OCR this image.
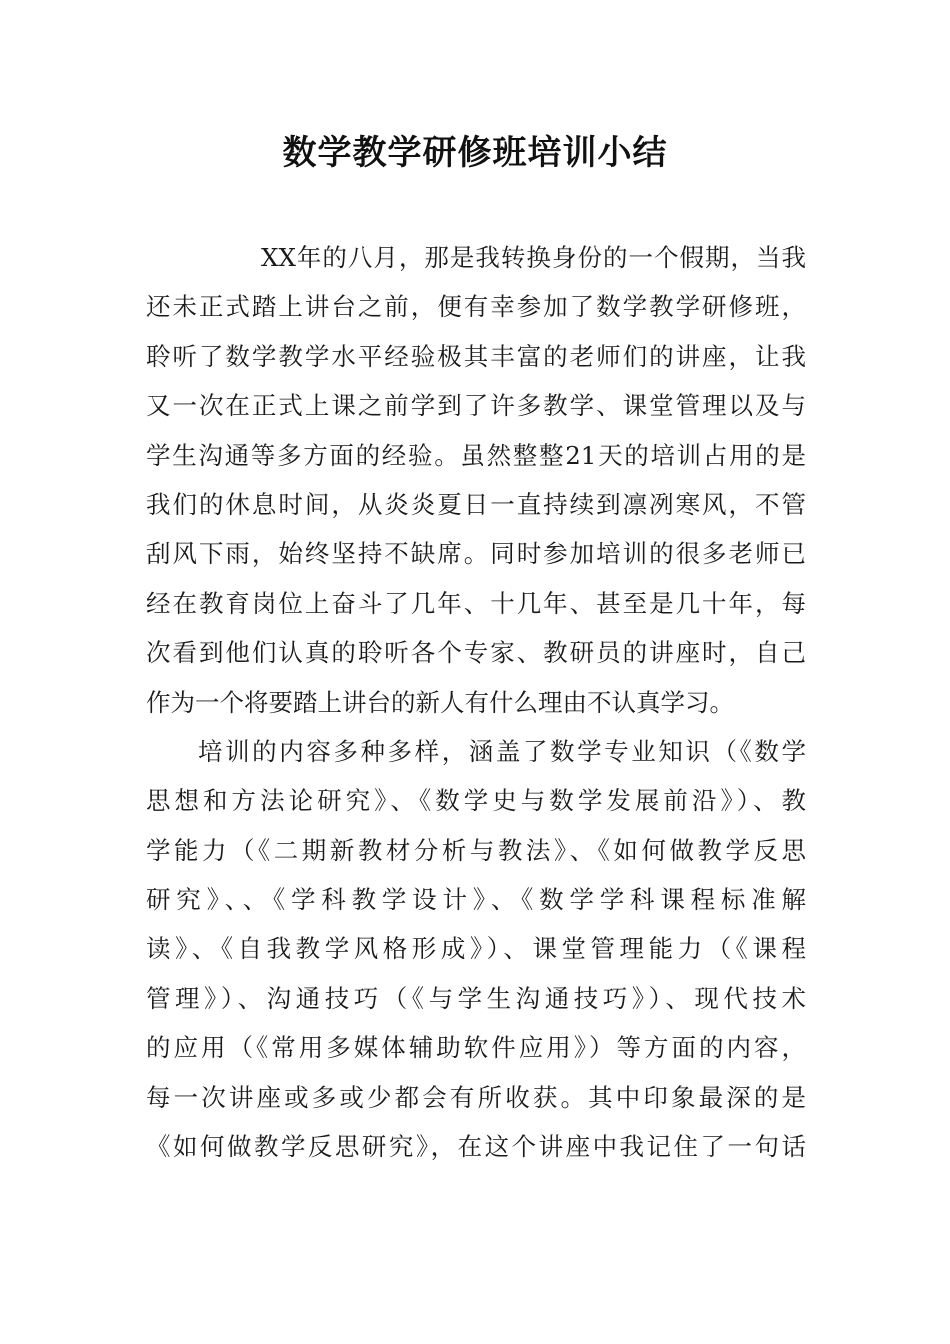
数学教学研修班培训小结
XX年的八月，那是我转换身份的一个假期，当我
还未正式踏上讲台之前，便有幸参加了数学教学研修班，
聆听了数学教学水平经验极其丰富的老师们的讲座，让我
又一次在正式上课之前学到了许多教学、课堂管理以及与
学生沟通等多方面的经验。虽然整整21天的培训占用的是
我们的休息时间，从炎炎夏日一直持续到凛冽寒风，不管
刮风下雨，始终坚持不缺席。同时参加培训的很多老师已
经在教育岗位上奋斗了几年、十几年、甚至是几十年，每
次看到他们认真的聆听各个专家、教研员的讲座时，自己
作为一个将要踏上讲台的新人有什么理由不认真学习。
培训的内容多种多样，涵盖了数学专业知识（《数学
思想和方法论研究》、《数学史与数学发展前沿》）、教
学能力（《二期新教材分析与教法》、《如何做教学反思
研究》、、《学科教学设计》、《数学学科课程标准解
读》、《自我教学风格形成》）、课堂管理能力（《课程
管理》）、沟通技巧（《与学生沟通技巧》）、现代技术
的应用（《常用多媒体辅助软件应用》）等方面的内容，
每一次讲座或多或少都会有所收获。其中印象最深的是
《如何做教学反思研究》，在这个讲座中我记住了一句话
